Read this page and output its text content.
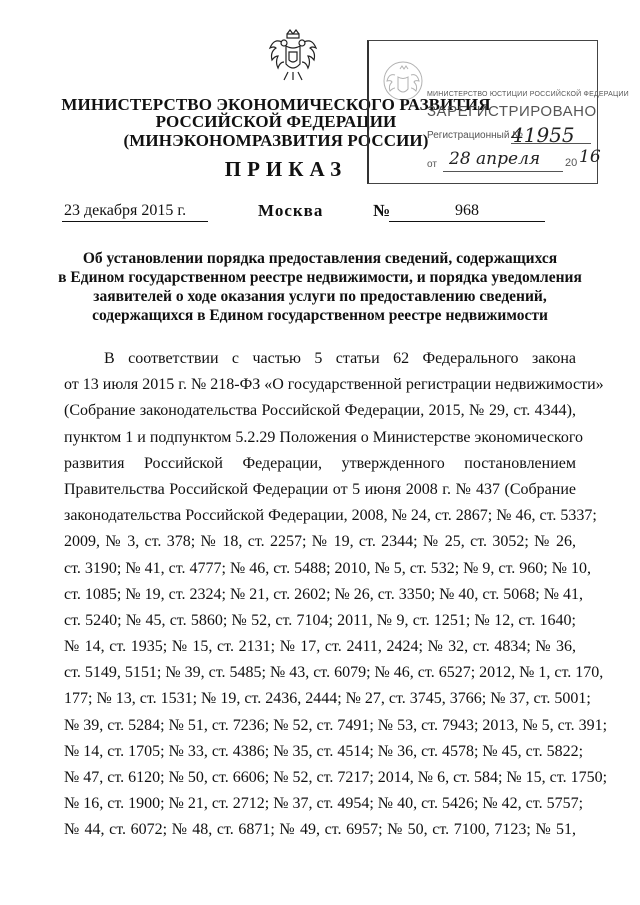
МИНИСТЕРСТВО ЭКОНОМИЧЕСКОГО РАЗВИТИЯ
РОССИЙСКОЙ ФЕДЕРАЦИИ
(МИНЭКОНОМРАЗВИТИЯ РОССИИ)
ПРИКАЗ
МИНИСТЕРСТВО ЮСТИЦИИ РОССИЙСКОЙ ФЕДЕРАЦИИ
ЗАРЕГИСТРИРОВАНО
Регистрационный №
41955
от 28 апреля 20 16
23 декабря 2015 г.	Москва	№	968
Об установлении порядка предоставления сведений, содержащихся
в Едином государственном реестре недвижимости, и порядка уведомления
заявителей о ходе оказания услуги по предоставлению сведений,
содержащихся в Едином государственном реестре недвижимости
В соответствии с частью 5 статьи 62 Федерального закона
от 13 июля 2015 г. № 218-ФЗ «О государственной регистрации недвижимости»
(Собрание законодательства Российской Федерации, 2015, № 29, ст. 4344),
пунктом 1 и подпунктом 5.2.29 Положения о Министерстве экономического
развития Российской Федерации, утвержденного постановлением
Правительства Российской Федерации от 5 июня 2008 г. № 437 (Собрание
законодательства Российской Федерации, 2008, № 24, ст. 2867; № 46, ст. 5337;
2009, № 3, ст. 378; № 18, ст. 2257; № 19, ст. 2344; № 25, ст. 3052; № 26,
ст. 3190; № 41, ст. 4777; № 46, ст. 5488; 2010, № 5, ст. 532; № 9, ст. 960; № 10,
ст. 1085; № 19, ст. 2324; № 21, ст. 2602; № 26, ст. 3350; № 40, ст. 5068; № 41,
ст. 5240; № 45, ст. 5860; № 52, ст. 7104; 2011, № 9, ст. 1251; № 12, ст. 1640;
№ 14, ст. 1935; № 15, ст. 2131; № 17, ст. 2411, 2424; № 32, ст. 4834; № 36,
ст. 5149, 5151; № 39, ст. 5485; № 43, ст. 6079; № 46, ст. 6527; 2012, № 1, ст. 170,
177; № 13, ст. 1531; № 19, ст. 2436, 2444; № 27, ст. 3745, 3766; № 37, ст. 5001;
№ 39, ст. 5284; № 51, ст. 7236; № 52, ст. 7491; № 53, ст. 7943; 2013, № 5, ст. 391;
№ 14, ст. 1705; № 33, ст. 4386; № 35, ст. 4514; № 36, ст. 4578; № 45, ст. 5822;
№ 47, ст. 6120; № 50, ст. 6606; № 52, ст. 7217; 2014, № 6, ст. 584; № 15, ст. 1750;
№ 16, ст. 1900; № 21, ст. 2712; № 37, ст. 4954; № 40, ст. 5426; № 42, ст. 5757;
№ 44, ст. 6072; № 48, ст. 6871; № 49, ст. 6957; № 50, ст. 7100, 7123; № 51,
